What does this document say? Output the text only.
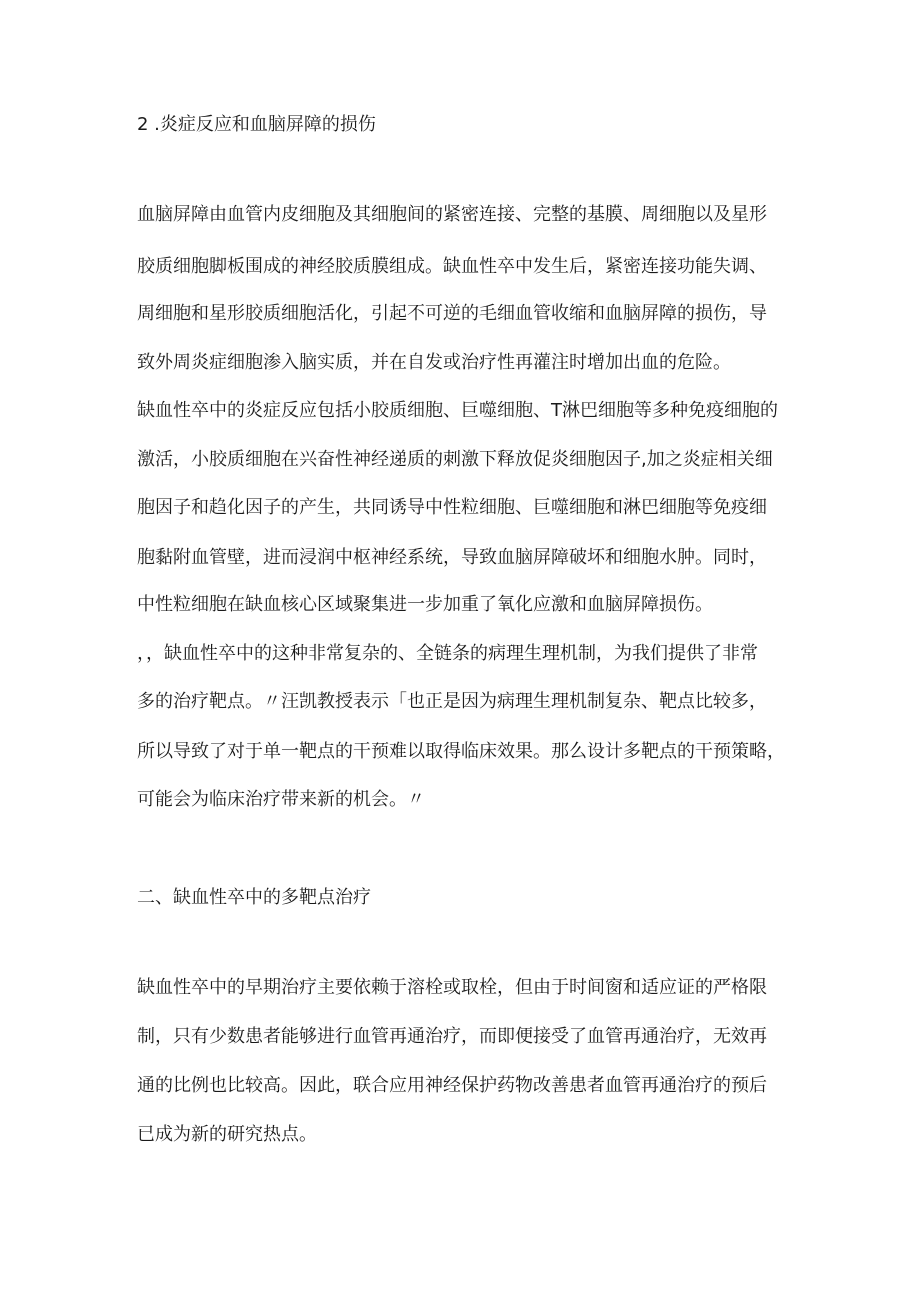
2 .炎症反应和血脑屏障的损伤

血脑屏障由血管内皮细胞及其细胞间的紧密连接、完整的基膜、周细胞以及星形

胶质细胞脚板围成的神经胶质膜组成。缺血性卒中发生后，紧密连接功能失调、

周细胞和星形胶质细胞活化，引起不可逆的毛细血管收缩和血脑屏障的损伤，导

致外周炎症细胞渗入脑实质，并在自发或治疗性再灌注时增加出血的危险。

缺血性卒中的炎症反应包括小胶质细胞、巨噬细胞、T淋巴细胞等多种免疫细胞的

激活，小胶质细胞在兴奋性神经递质的刺激下释放促炎细胞因子,加之炎症相关细

胞因子和趋化因子的产生，共同诱导中性粒细胞、巨噬细胞和淋巴细胞等免疫细

胞黏附血管壁，进而浸润中枢神经系统，导致血脑屏障破坏和细胞水肿。同时，

中性粒细胞在缺血核心区域聚集进一步加重了氧化应激和血脑屏障损伤。

，，缺血性卒中的这种非常复杂的、全链条的病理生理机制，为我们提供了非常

多的治疗靶点。〃汪凯教授表示「也正是因为病理生理机制复杂、靶点比较多，

所以导致了对于单一靶点的干预难以取得临床效果。那么设计多靶点的干预策略，

可能会为临床治疗带来新的机会。〃

二、缺血性卒中的多靶点治疗

缺血性卒中的早期治疗主要依赖于溶栓或取栓，但由于时间窗和适应证的严格限

制，只有少数患者能够进行血管再通治疗，而即便接受了血管再通治疗，无效再

通的比例也比较高。因此，联合应用神经保护药物改善患者血管再通治疗的预后

已成为新的研究热点。
